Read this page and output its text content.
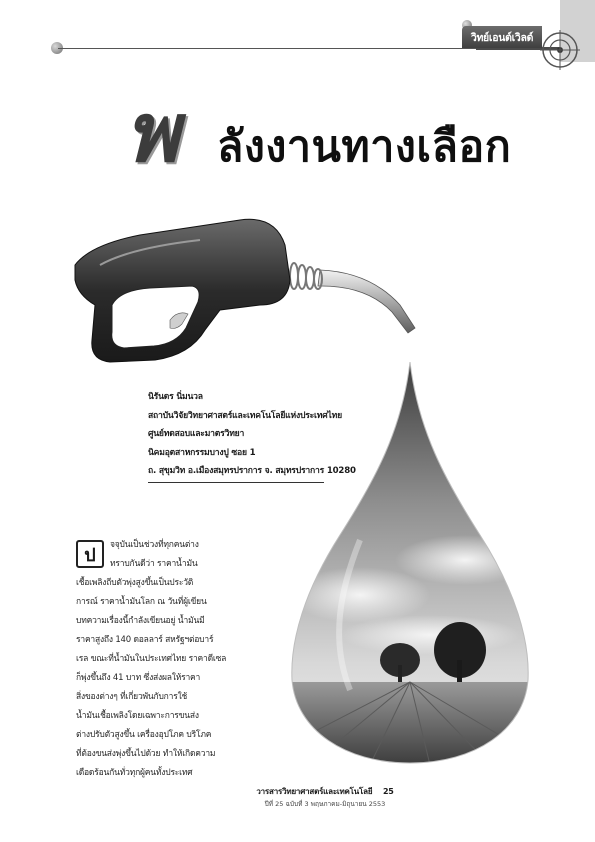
วิทย์เอนต์เวิลด์
พ ลังงานทางเลือก
นิรันดร นิ่มนวล
สถาบันวิจัยวิทยาศาสตร์และเทคโนโลยีแห่งประเทศไทย
ศูนย์ทดสอบและมาตรวิทยา
นิคมอุตสาหกรรมบางปู ซอย 1
ถ. สุขุมวิท อ.เมืองสมุทรปราการ จ. สมุทรปราการ 10280
จจุบันเป็นช่วงที่ทุกคนต่าง
ทราบกันดีว่า ราคาน้ำมัน
เชื้อเพลิงถีบตัวพุ่งสูงขึ้นเป็นประวัติ
การณ์ ราคาน้ำมันโลก ณ วันที่ผู้เขียน
บทความเรื่องนี้กำลังเขียนอยู่ น้ำมันมี
ราคาสูงถึง 140 ดอลลาร์ สหรัฐฯต่อบาร์
เรล ขณะที่น้ำมันในประเทศไทย ราคาดีเซล
ก็พุ่งขึ้นถึง 41 บาท ซึ่งส่งผลให้ราคา
สิ่งของต่างๆ ที่เกี่ยวพันกับการใช้
น้ำมันเชื้อเพลิงโดยเฉพาะการขนส่ง
ต่างปรับตัวสูงขึ้น เครื่องอุปโภค บริโภค
ที่ต้องขนส่งพุ่งขึ้นไปด้วย ทำให้เกิดความ
เดือดร้อนกันทั่วทุกผู้คนทั้งประเทศ
ป
วารสารวิทยาศาสตร์และเทคโนโลยี 25
ปีที่ 25 ฉบับที่ 3 พฤษภาคม-มิถุนายน 2553
